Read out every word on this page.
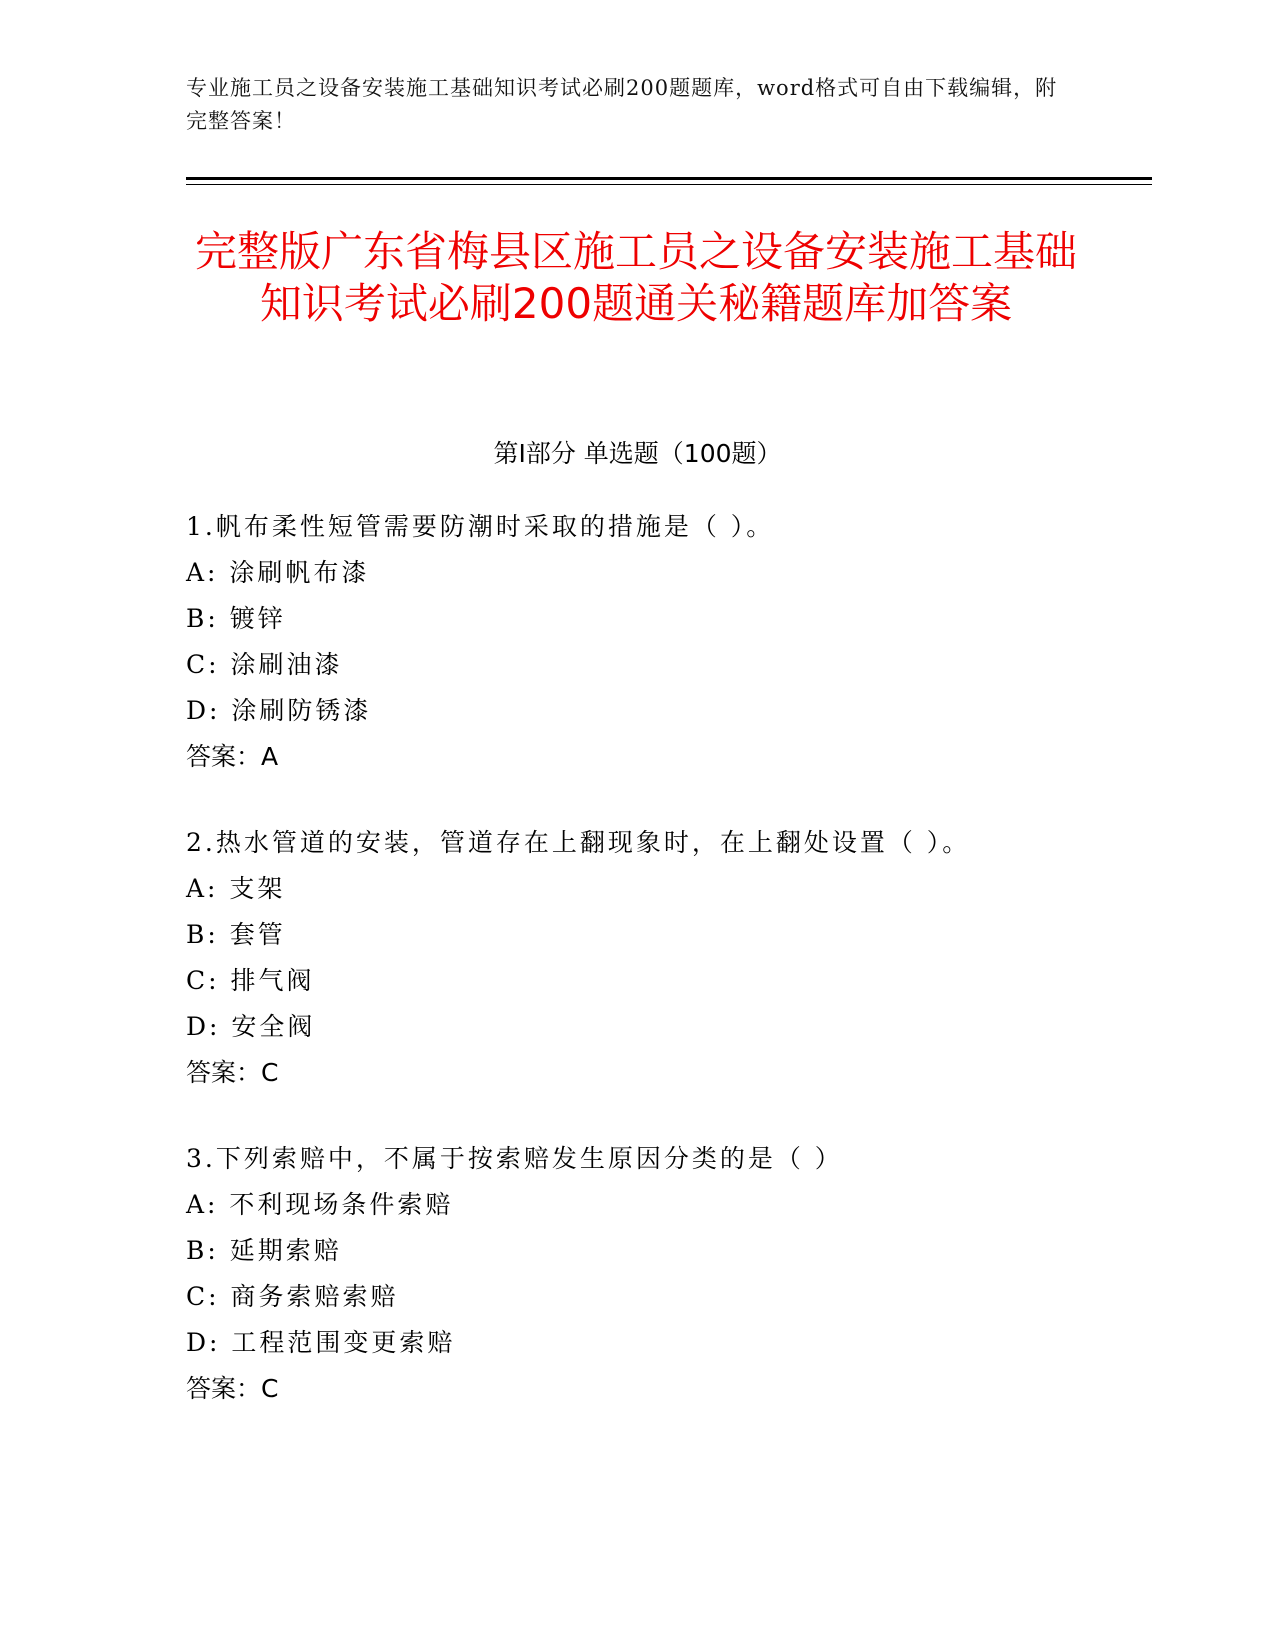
专业施工员之设备安装施工基础知识考试必刷200题题库，word格式可自由下载编辑，附完整答案！
完整版广东省梅县区施工员之设备安装施工基础知识考试必刷200题通关秘籍题库加答案
第Ⅰ部分 单选题（100题）
1.帆布柔性短管需要防潮时采取的措施是（ ）。
A: 涂刷帆布漆
B: 镀锌
C: 涂刷油漆
D: 涂刷防锈漆
答案：A
2.热水管道的安装，管道存在上翻现象时，在上翻处设置（ ）。
A: 支架
B: 套管
C: 排气阀
D: 安全阀
答案：C
3.下列索赔中，不属于按索赔发生原因分类的是（ ）
A: 不利现场条件索赔
B: 延期索赔
C: 商务索赔索赔
D: 工程范围变更索赔
答案：C
